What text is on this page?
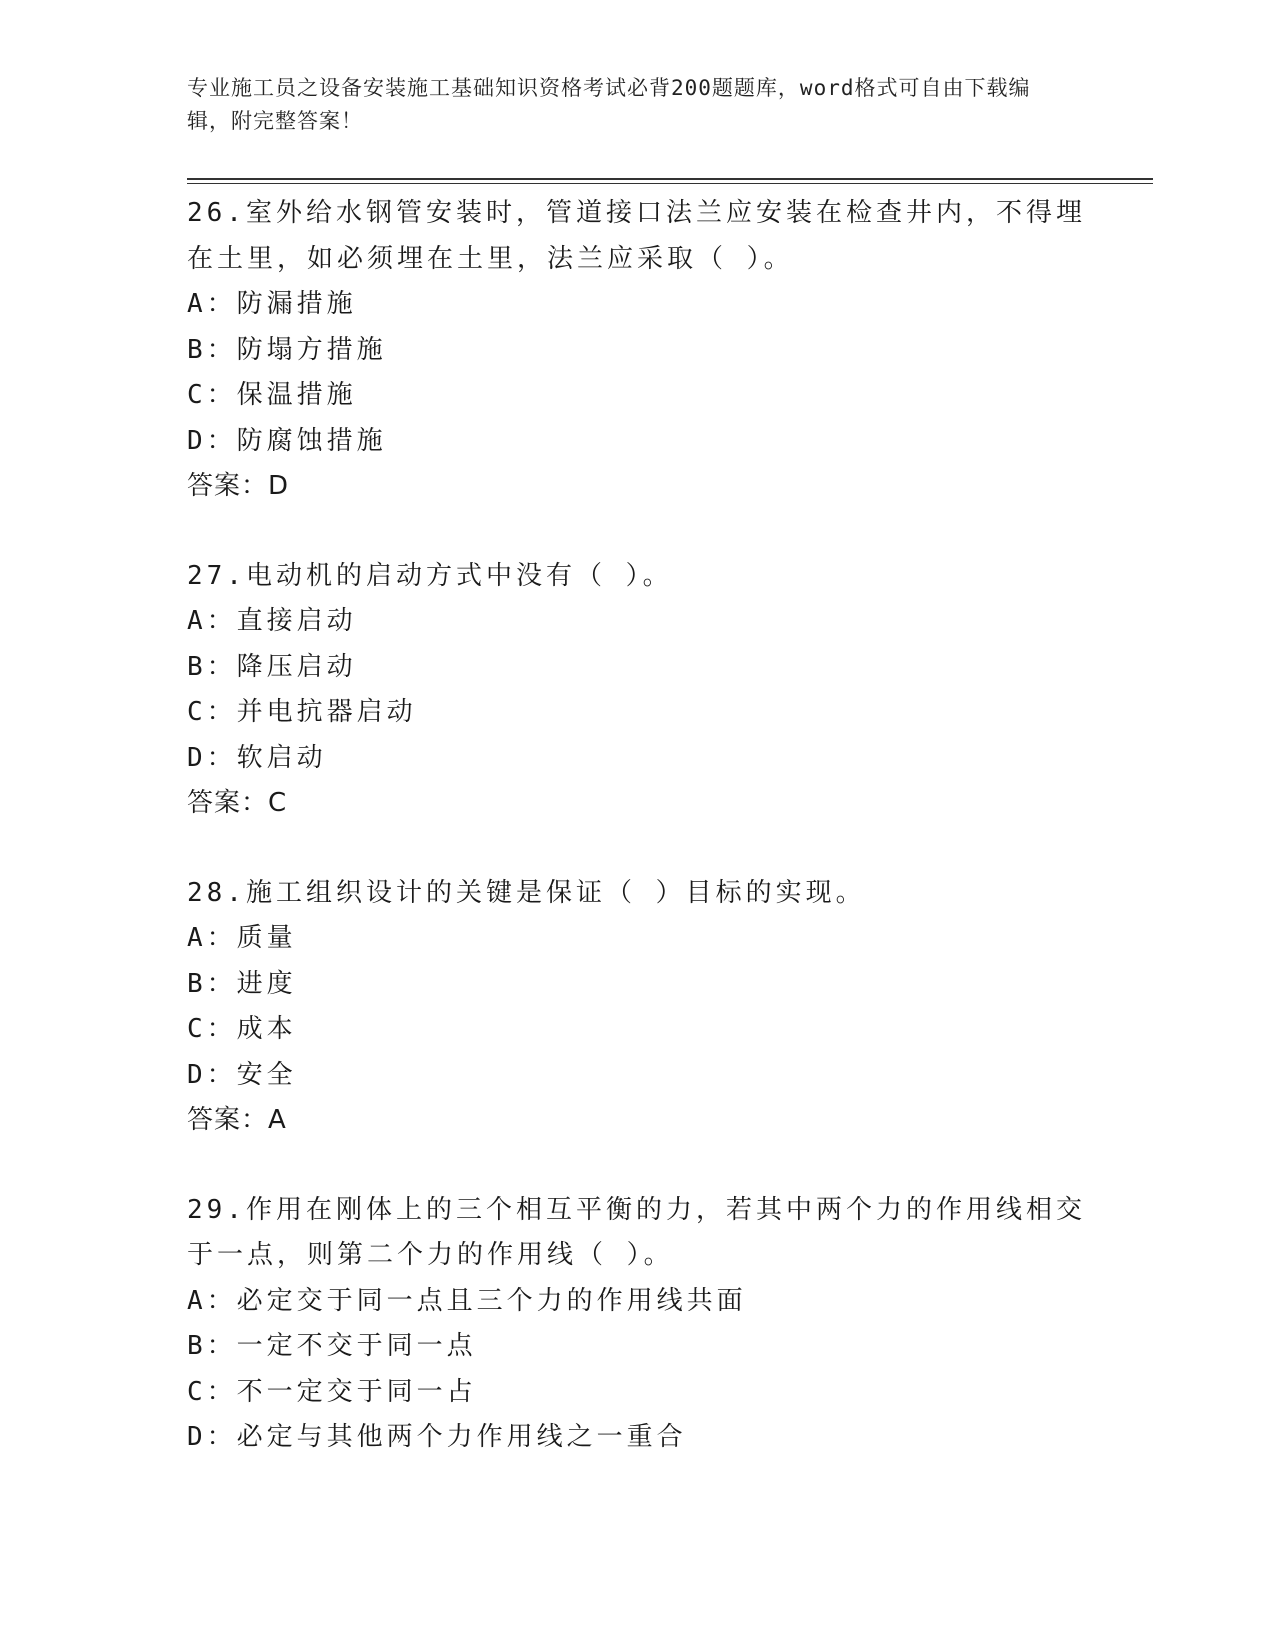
专业施工员之设备安装施工基础知识资格考试必背200题题库，word格式可自由下载编辑，附完整答案！
26.室外给水钢管安装时，管道接口法兰应安装在检查井内，不得埋在土里，如必须埋在土里，法兰应采取（ ）。
A：防漏措施
B：防塌方措施
C：保温措施
D：防腐蚀措施
答案：D
27.电动机的启动方式中没有（ ）。
A：直接启动
B：降压启动
C：并电抗器启动
D：软启动
答案：C
28.施工组织设计的关键是保证（ ）目标的实现。
A：质量
B：进度
C：成本
D：安全
答案：A
29.作用在刚体上的三个相互平衡的力，若其中两个力的作用线相交于一点，则第二个力的作用线（ ）。
A：必定交于同一点且三个力的作用线共面
B：一定不交于同一点
C：不一定交于同一占
D：必定与其他两个力作用线之一重合
